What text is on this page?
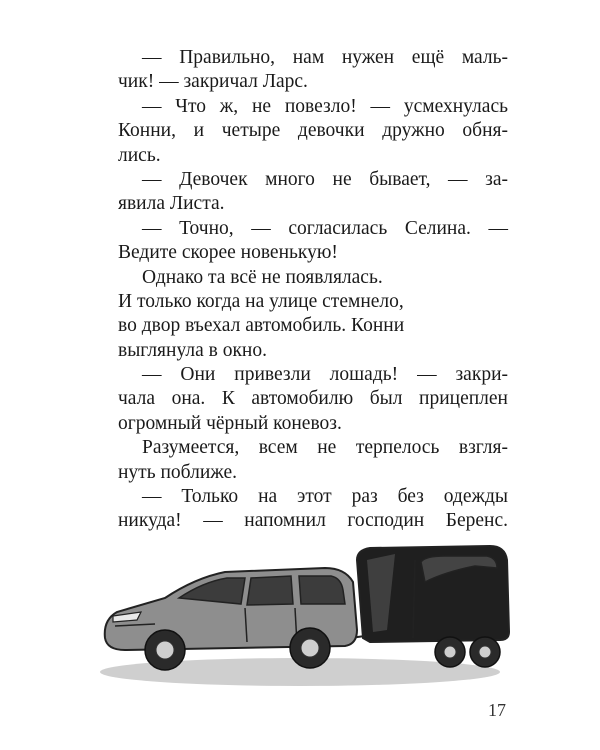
— Правильно, нам нужен ещё маль-
чик! — закричал Ларс.
— Что ж, не повезло! — усмехнулась
Конни, и четыре девочки дружно обня-
лись.
— Девочек много не бывает, — за-
явила Листа.
— Точно, — согласилась Селина. —
Ведите скорее новенькую!
Однако та всё не появлялась.
И только когда на улице стемнело,
во двор въехал автомобиль. Конни
выглянула в окно.
— Они привезли лошадь! — закри-
чала она. К автомобилю был прицеплен
огромный чёрный коневоз.
Разумеется, всем не терпелось взгля-
нуть поближе.
— Только на этот раз без одежды
никуда! — напомнил господин Беренс.
17
